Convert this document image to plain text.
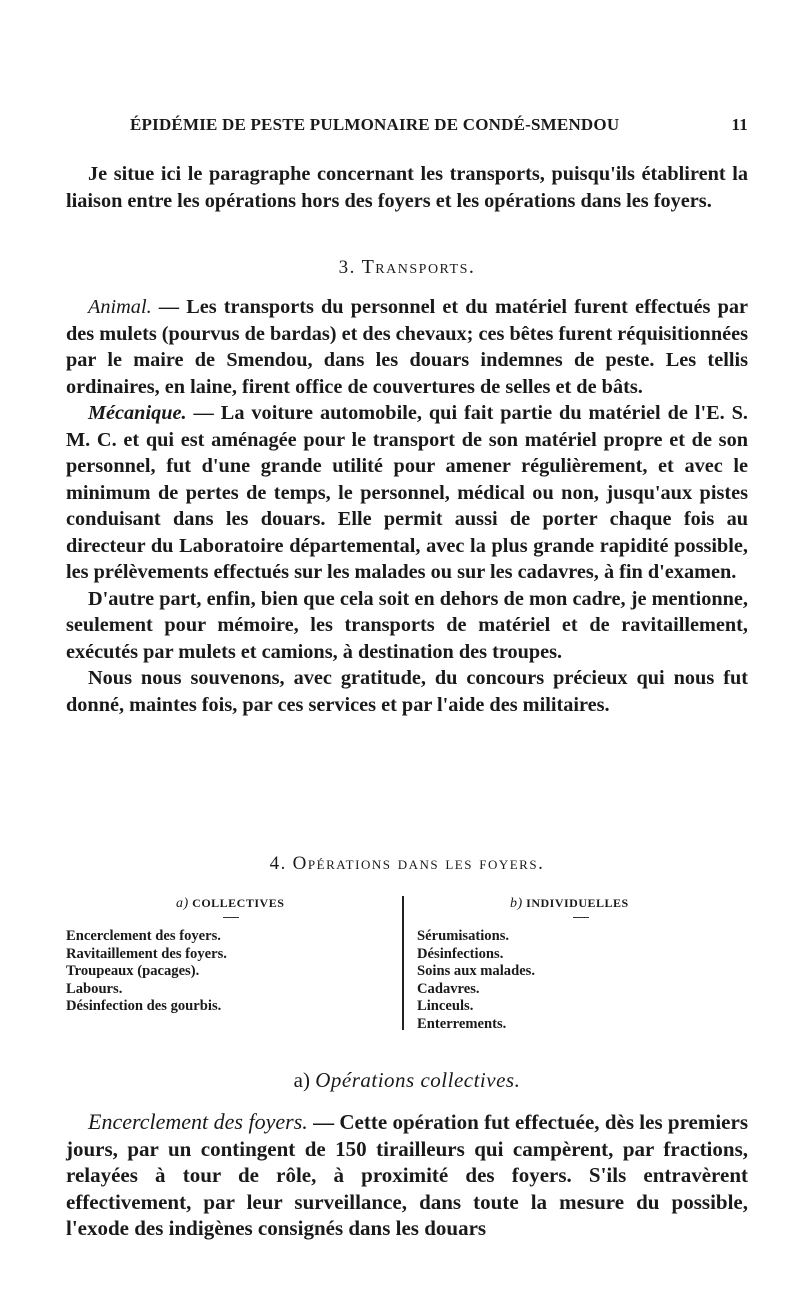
ÉPIDÉMIE DE PESTE PULMONAIRE DE CONDÉ-SMENDOU	11

Je situe ici le paragraphe concernant les transports, puisqu'ils établirent la liaison entre les opérations hors des foyers et les opérations dans les foyers.

3. Transports.

Animal. — Les transports du personnel et du matériel furent effectués par des mulets (pourvus de bardas) et des chevaux; ces bêtes furent réquisitionnées par le maire de Smendou, dans les douars indemnes de peste. Les tellis ordinaires, en laine, firent office de couvertures de selles et de bâts.

Mécanique. — La voiture automobile, qui fait partie du matériel de l'E. S. M. C. et qui est aménagée pour le transport de son matériel propre et de son personnel, fut d'une grande utilité pour amener régulièrement, et avec le minimum de pertes de temps, le personnel, médical ou non, jusqu'aux pistes conduisant dans les douars. Elle permit aussi de porter chaque fois au directeur du Laboratoire départemental, avec la plus grande rapidité possible, les prélèvements effectués sur les malades ou sur les cadavres, à fin d'examen.

D'autre part, enfin, bien que cela soit en dehors de mon cadre, je mentionne, seulement pour mémoire, les transports de matériel et de ravitaillement, exécutés par mulets et camions, à destination des troupes.

Nous nous souvenons, avec gratitude, du concours précieux qui nous fut donné, maintes fois, par ces services et par l'aide des militaires.

4. Opérations dans les foyers.
a) COLLECTIVES
Encerclement des foyers.
Ravitaillement des foyers.
Troupeaux (pacages).
Labours.
Désinfection des gourbis.
b) INDIVIDUELLES
Sérumisations.
Désinfections.
Soins aux malades.
Cadavres.
Linceuls.
Enterrements.
a) Opérations collectives.

Encerclement des foyers. — Cette opération fut effectuée, dès les premiers jours, par un contingent de 150 tirailleurs qui campèrent, par fractions, relayées à tour de rôle, à proximité des foyers. S'ils entravèrent effectivement, par leur surveillance, dans toute la mesure du possible, l'exode des indigènes consignés dans les douars
